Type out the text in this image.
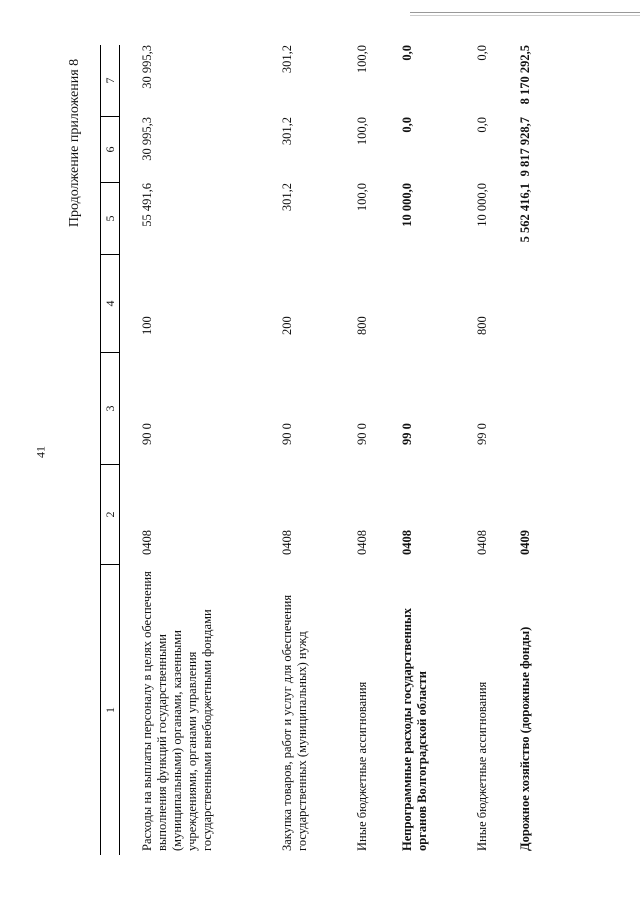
41
Продолжение приложения 8
1
2
3
4
5
6
7
Расходы на выплаты персоналу в целях обеспечения выполнения функций государственными (муниципальными) органами, казенными учреждениями, органами управления государственными внебюджетными фондами
0408
90 0
100
55 491,6
30 995,3
30 995,3
Закупка товаров, работ и услуг для обеспечения государственных (муниципальных) нужд
0408
90 0
200
301,2
301,2
301,2
Иные бюджетные ассигнования
0408
90 0
800
100,0
100,0
100,0
Непрограммные расходы государственных органов Волгоградской области
0408
99 0
10 000,0
0,0
0,0
Иные бюджетные ассигнования
0408
99 0
800
10 000,0
0,0
0,0
Дорожное хозяйство (дорожные фонды)
0409
5 562 416,1
9 817 928,7
8 170 292,5
